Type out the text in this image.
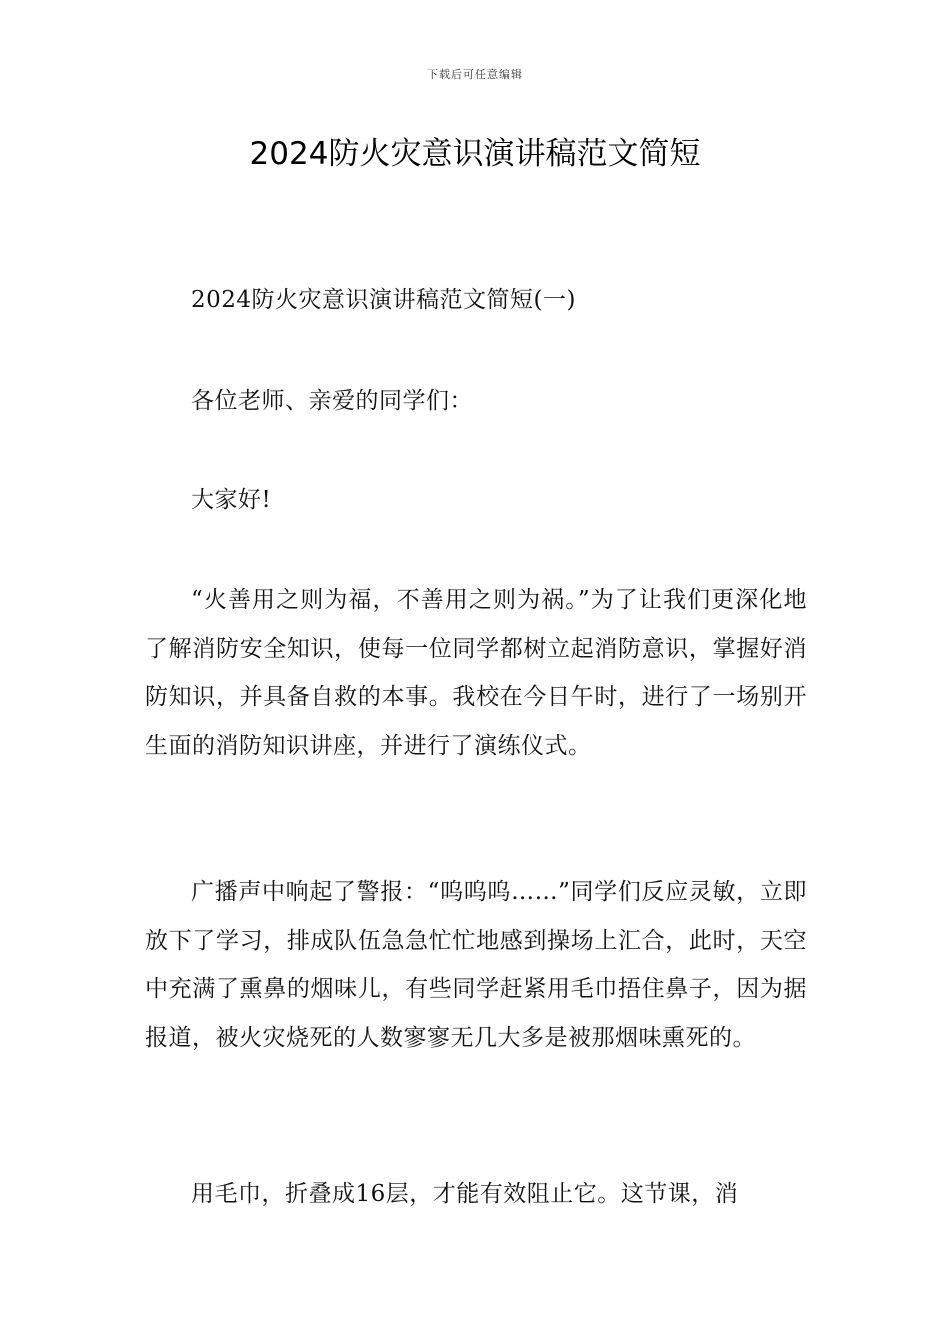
下载后可任意编辑
2024防火灾意识演讲稿范文简短

2024防火灾意识演讲稿范文简短(一)

各位老师、亲爱的同学们：

大家好!

“火善用之则为福，不善用之则为祸。”为了让我们更深化地了解消防安全知识，使每一位同学都树立起消防意识，掌握好消防知识，并具备自救的本事。我校在今日午时，进行了一场别开生面的消防知识讲座，并进行了演练仪式。

广播声中响起了警报：“呜呜呜……”同学们反应灵敏，立即放下了学习，排成队伍急急忙忙地感到操场上汇合，此时，天空中充满了熏鼻的烟味儿，有些同学赶紧用毛巾捂住鼻子，因为据报道，被火灾烧死的人数寥寥无几大多是被那烟味熏死的。

用毛巾，折叠成16层，才能有效阻止它。这节课，消
